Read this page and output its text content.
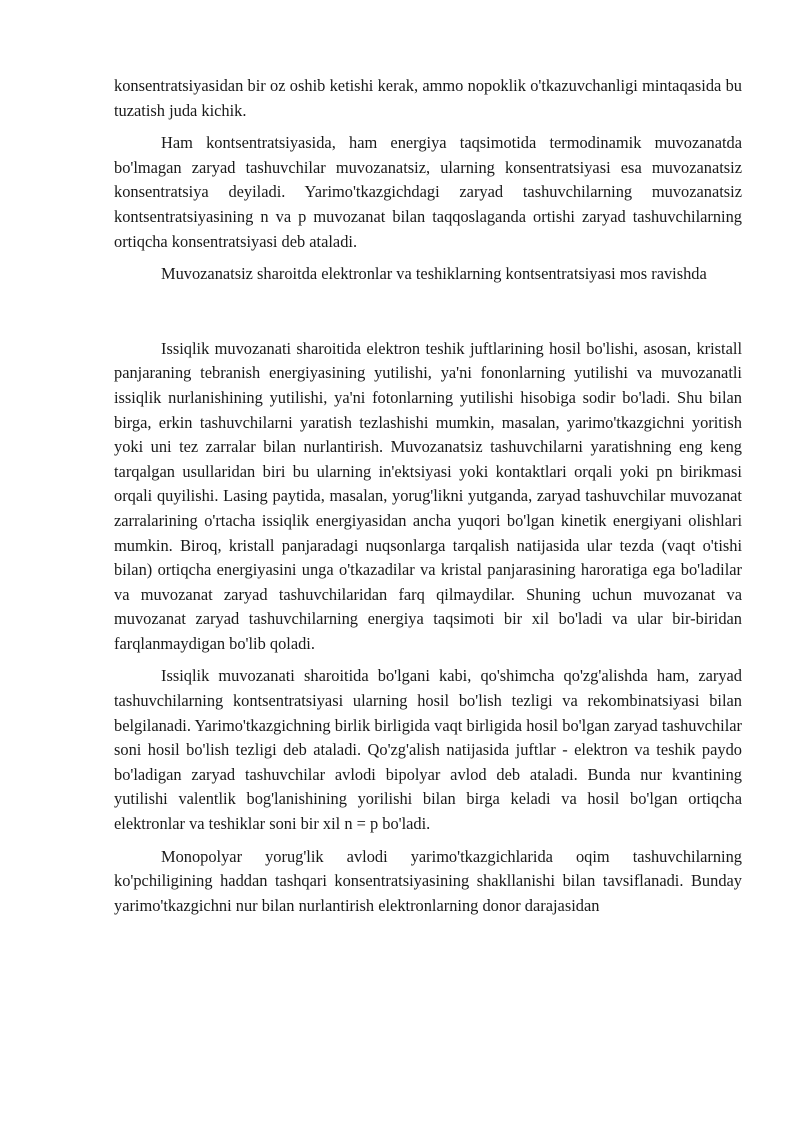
konsentratsiyasidan bir oz oshib ketishi kerak, ammo nopoklik o'tkazuvchanligi mintaqasida bu tuzatish juda kichik.

Ham kontsentratsiyasida, ham energiya taqsimotida termodinamik muvozanatda bo'lmagan zaryad tashuvchilar muvozanatsiz, ularning konsentratsiyasi esa muvozanatsiz konsentratsiya deyiladi. Yarimo'tkazgichdagi zaryad tashuvchilarning muvozanatsiz kontsentratsiyasining n va p muvozanat bilan taqqoslaganda ortishi zaryad tashuvchilarning ortiqcha konsentratsiyasi deb ataladi.

Muvozanatsiz sharoitda elektronlar va teshiklarning kontsentratsiyasi mos ravishda

Issiqlik muvozanati sharoitida elektron teshik juftlarining hosil bo'lishi, asosan, kristall panjaraning tebranish energiyasining yutilishi, ya'ni fononlarning yutilishi va muvozanatli issiqlik nurlanishining yutilishi, ya'ni fotonlarning yutilishi hisobiga sodir bo'ladi. Shu bilan birga, erkin tashuvchilarni yaratish tezlashishi mumkin, masalan, yarimo'tkazgichni yoritish yoki uni tez zarralar bilan nurlantirish. Muvozanatsiz tashuvchilarni yaratishning eng keng tarqalgan usullaridan biri bu ularning in'ektsiyasi yoki kontaktlari orqali yoki pn birikmasi orqali quyilishi. Lasing paytida, masalan, yorug'likni yutganda, zaryad tashuvchilar muvozanat zarralarining o'rtacha issiqlik energiyasidan ancha yuqori bo'lgan kinetik energiyani olishlari mumkin. Biroq, kristall panjaradagi nuqsonlarga tarqalish natijasida ular tezda (vaqt o'tishi bilan) ortiqcha energiyasini unga o'tkazadilar va kristal panjarasining haroratiga ega bo'ladilar va muvozanat zaryad tashuvchilaridan farq qilmaydilar. Shuning uchun muvozanat va muvozanat zaryad tashuvchilarning energiya taqsimoti bir xil bo'ladi va ular bir-biridan farqlanmaydigan bo'lib qoladi.

Issiqlik muvozanati sharoitida bo'lgani kabi, qo'shimcha qo'zg'alishda ham, zaryad tashuvchilarning kontsentratsiyasi ularning hosil bo'lish tezligi va rekombinatsiyasi bilan belgilanadi. Yarimo'tkazgichning birlik birligida vaqt birligida hosil bo'lgan zaryad tashuvchilar soni hosil bo'lish tezligi deb ataladi. Qo'zg'alish natijasida juftlar - elektron va teshik paydo bo'ladigan zaryad tashuvchilar avlodi bipolyar avlod deb ataladi. Bunda nur kvantining yutilishi valentlik bog'lanishining yorilishi bilan birga keladi va hosil bo'lgan ortiqcha elektronlar va teshiklar soni bir xil n = p bo'ladi.

Monopolyar yorug'lik avlodi yarimo'tkazgichlarida oqim tashuvchilarning ko'pchiligining haddan tashqari konsentratsiyasining shakllanishi bilan tavsiflanadi. Bunday yarimo'tkazgichni nur bilan nurlantirish elektronlarning donor darajasidan
